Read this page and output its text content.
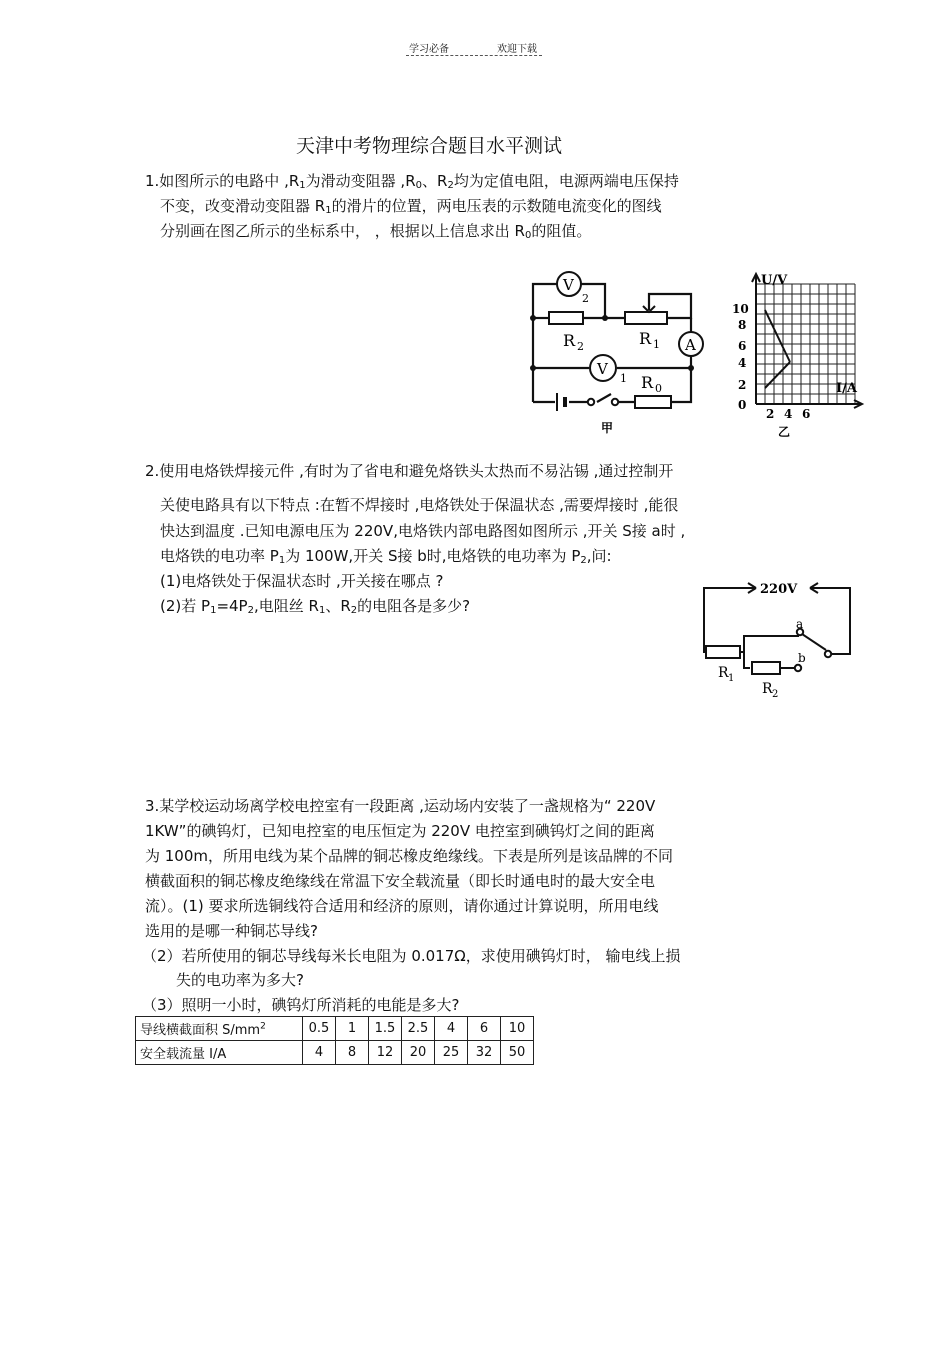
学习必备	欢迎下载
天津中考物理综合题目水平测试
1.如图所示的电路中 $,R_1$为滑动变阻器 $,R_0$、$R_2$均为定值电阻，电源两端电压保持
不变，改变滑动变阻器 $R_1$的滑片的位置，两电压表的示数随电流变化的图线
分别画在图乙所示的坐标系中， ，根据以上信息求出 $R_0$的阻值。
V
2
V
1
A
R 2	R 1
R 0
甲
U/V
I/A
10
8
6
4
2
0
2 4 6
乙
2.使用电烙铁焊接元件 ,有时为了省电和避免烙铁头太热而不易沾锡 ,通过控制开
关使电路具有以下特点 :在暂不焊接时 ,电烙铁处于保温状态 ,需要焊接时 ,能很
快达到温度 .已知电源电压为 220V,电烙铁内部电路图如图所示 ,开关 S接 a时 ,
电烙铁的电功率 $P_1$为 100W,开关 S接 b时,电烙铁的电功率为 $P_2$,问:
(1)电烙铁处于保温状态时 ,开关接在哪点 ?
(2)若 $P_1=4P_2$,电阻丝 $R_1$、$R_2$的电阻各是多少?
220V
a
b
R 1
R 2
3.某学校运动场离学校电控室有一段距离 ,运动场内安装了一盏规格为“ 220V
1KW”的碘钨灯，已知电控室的电压恒定为 220V 电控室到碘钨灯之间的距离
为 100m，所用电线为某个品牌的铜芯橡皮绝缘线。下表是所列是该品牌的不同
横截面积的铜芯橡皮绝缘线在常温下安全载流量（即长时通电时的最大安全电
流）。(1) 要求所选铜线符合适用和经济的原则，请你通过计算说明，所用电线
选用的是哪一种铜芯导线?
（2）若所使用的铜芯导线每米长电阻为 0.017Ω，求使用碘钨灯时， 输电线上损
失的电功率为多大?
（3）照明一小时，碘钨灯所消耗的电能是多大?
导线横截面积 $S/mm^2$	0.5	1	1.5	2.5	4	6	10
安全载流量 I/A	4	8	12	20	25	32	50
